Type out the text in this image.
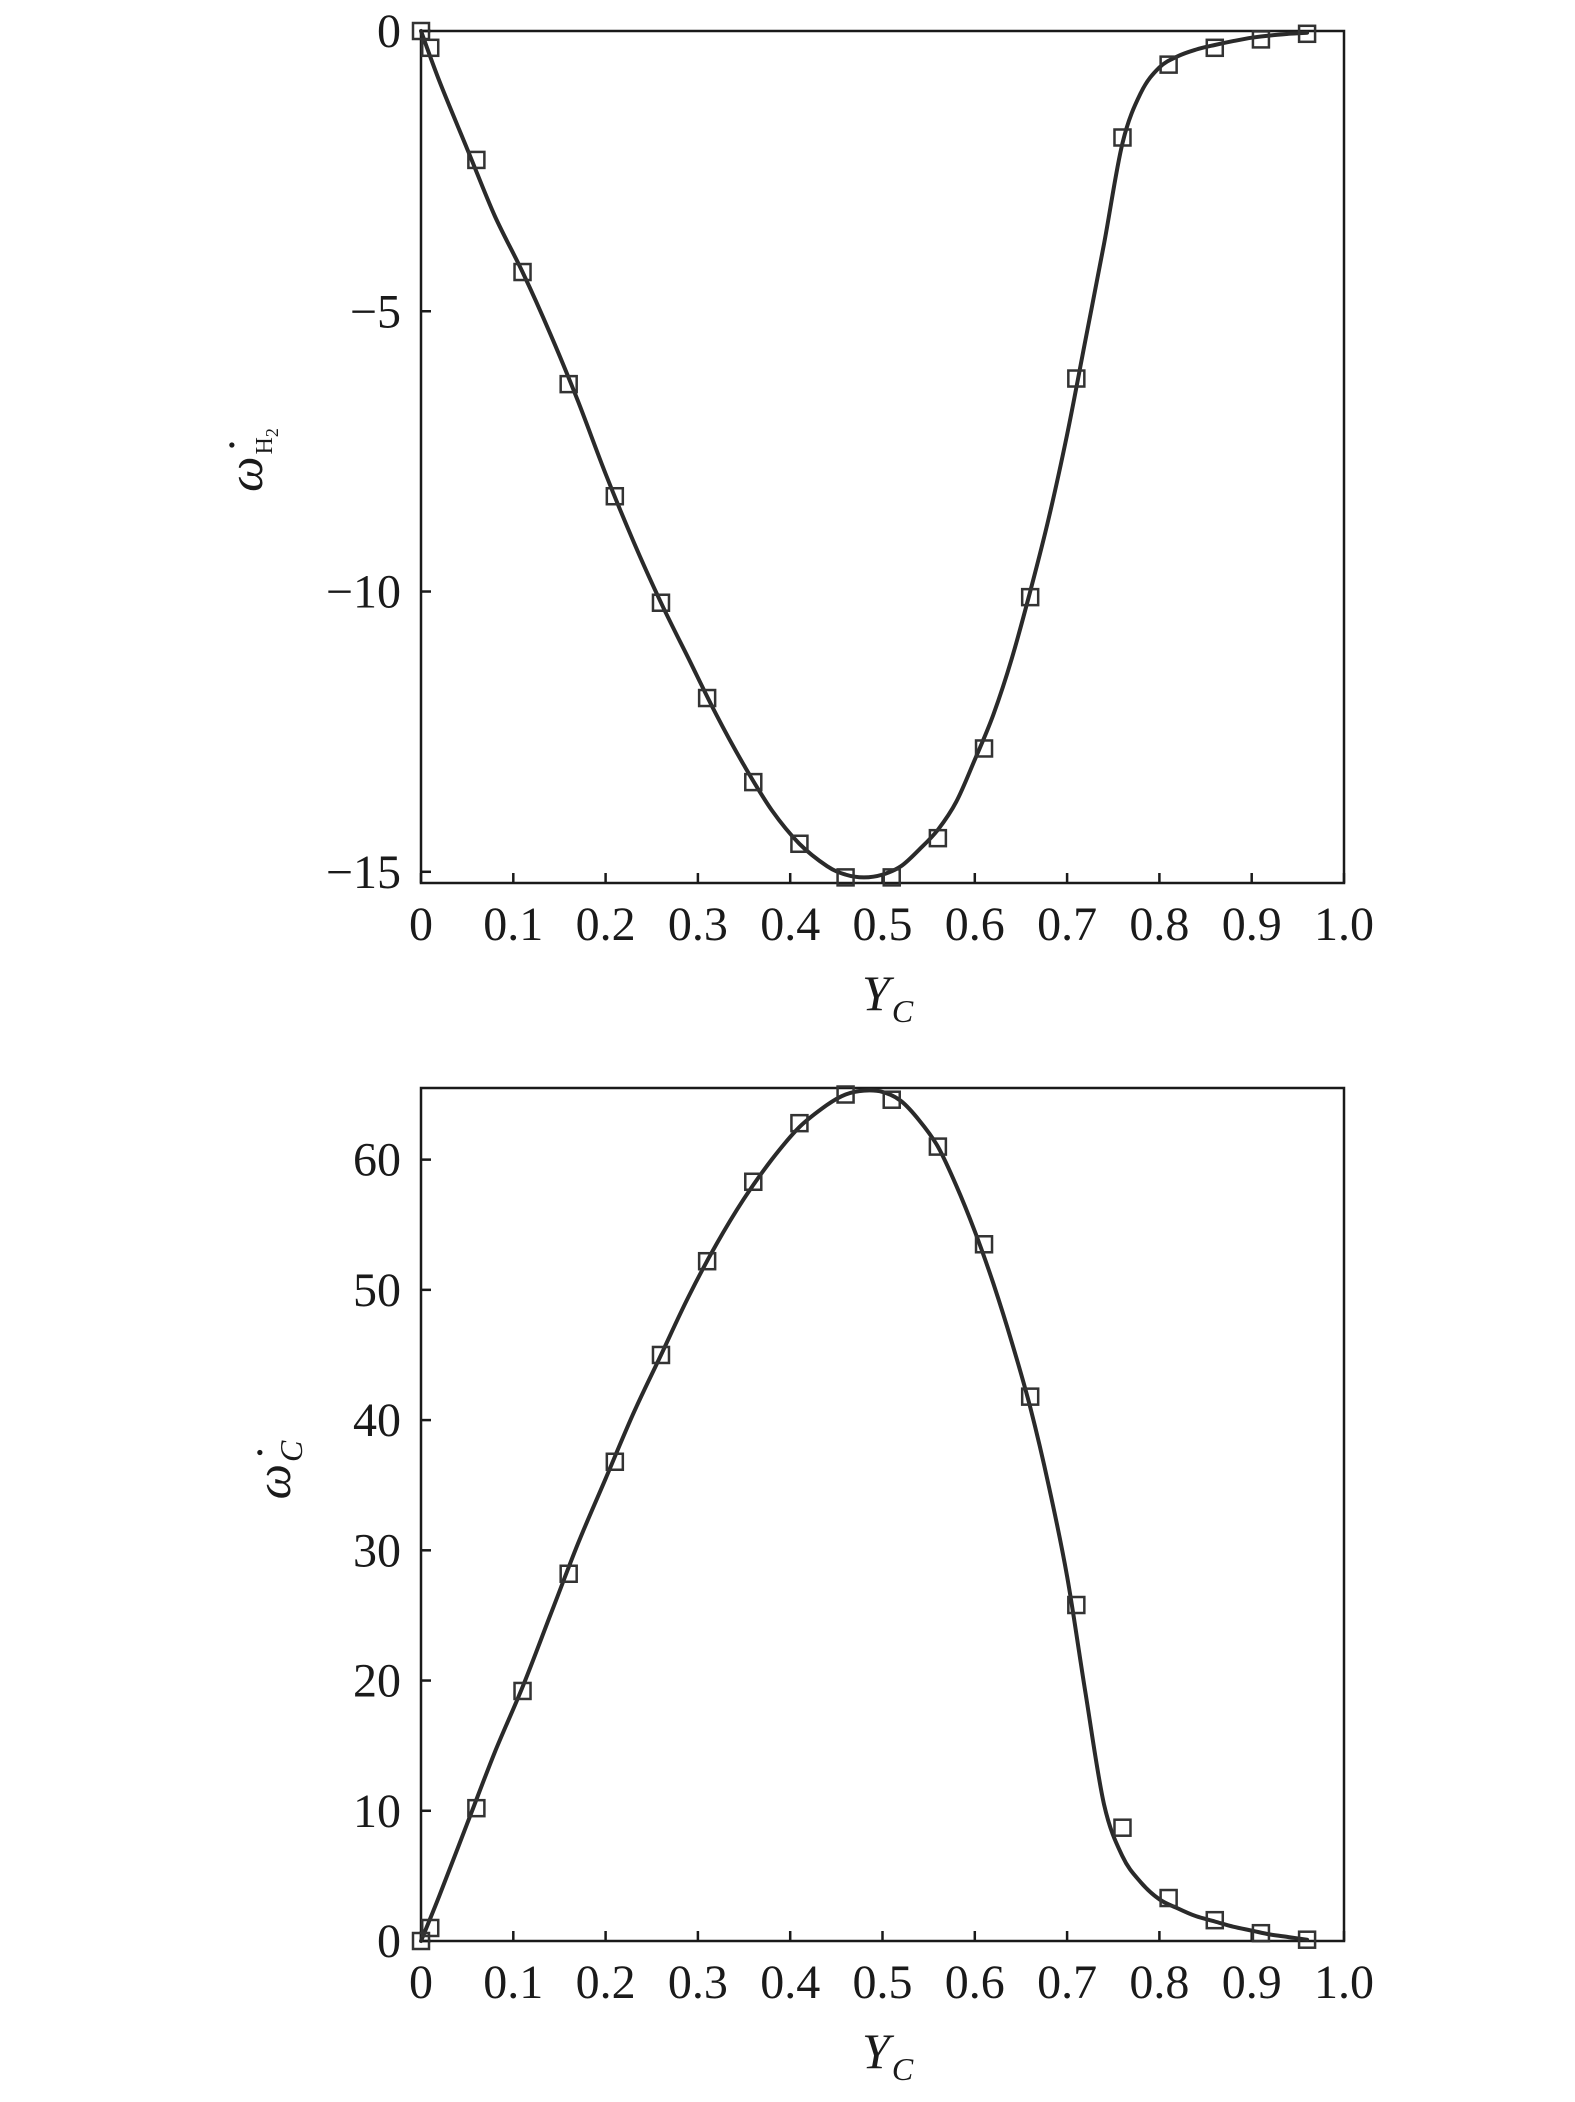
0 0.1 0.2 0.3 0.4 0.5 0.6 0.7 0.8 0.9 1.0
0
−5
−10
−15
$Y_C$
$\omegȧ_H2$
0 0.1 0.2 0.3 0.4 0.5 0.6 0.7 0.8 0.9 1.0
0
10
20
30
40
50
60
$Y_C$
$\omegȧ_C$
